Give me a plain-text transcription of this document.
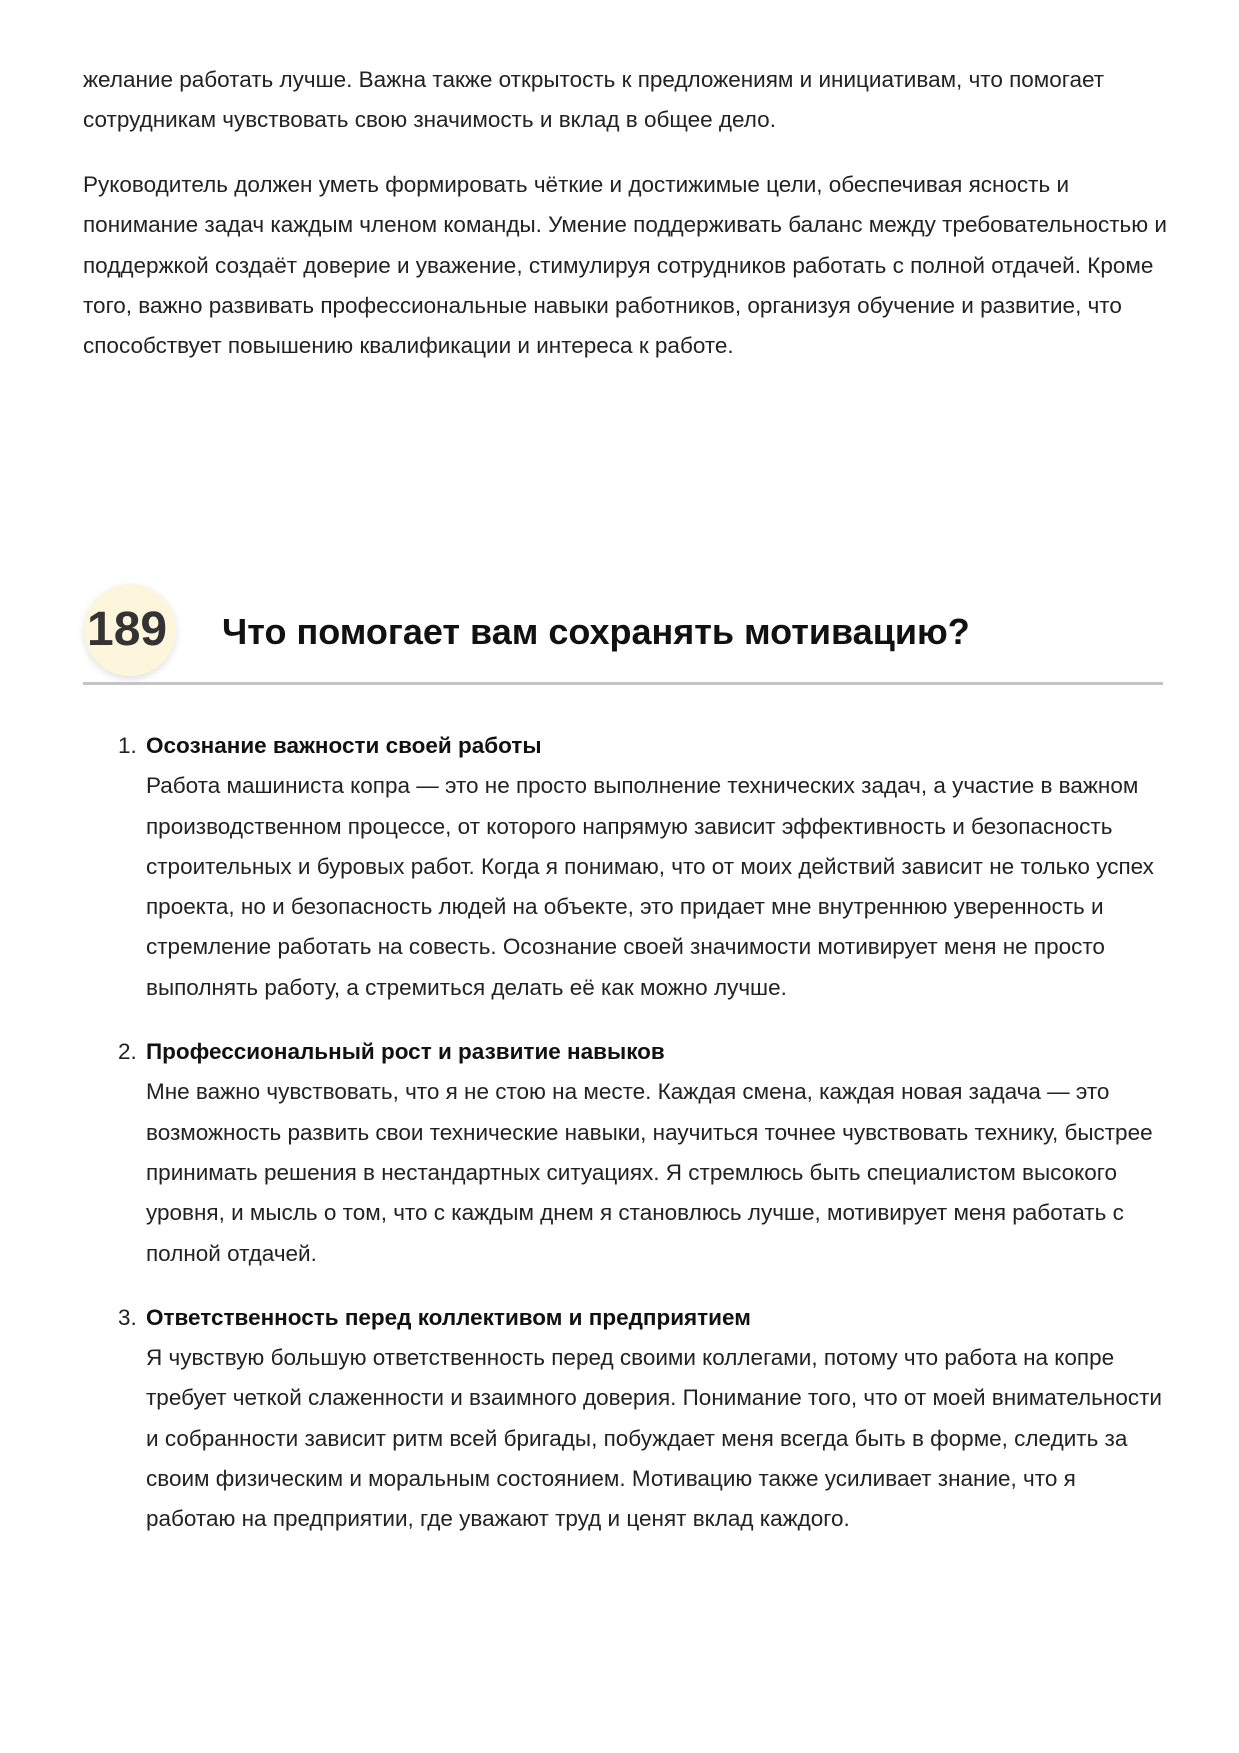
желание работать лучше. Важна также открытость к предложениям и инициативам, что помогает сотрудникам чувствовать свою значимость и вклад в общее дело.

Руководитель должен уметь формировать чёткие и достижимые цели, обеспечивая ясность и понимание задач каждым членом команды. Умение поддерживать баланс между требовательностью и поддержкой создаёт доверие и уважение, стимулируя сотрудников работать с полной отдачей. Кроме того, важно развивать профессиональные навыки работников, организуя обучение и развитие, что способствует повышению квалификации и интереса к работе.

189 Что помогает вам сохранять мотивацию?
1. Осознание важности своей работы
Работа машиниста копра — это не просто выполнение технических задач, а участие в важном производственном процессе, от которого напрямую зависит эффективность и безопасность строительных и буровых работ. Когда я понимаю, что от моих действий зависит не только успех проекта, но и безопасность людей на объекте, это придает мне внутреннюю уверенность и стремление работать на совесть. Осознание своей значимости мотивирует меня не просто выполнять работу, а стремиться делать её как можно лучше.
2. Профессиональный рост и развитие навыков
Мне важно чувствовать, что я не стою на месте. Каждая смена, каждая новая задача — это возможность развить свои технические навыки, научиться точнее чувствовать технику, быстрее принимать решения в нестандартных ситуациях. Я стремлюсь быть специалистом высокого уровня, и мысль о том, что с каждым днем я становлюсь лучше, мотивирует меня работать с полной отдачей.
3. Ответственность перед коллективом и предприятием
Я чувствую большую ответственность перед своими коллегами, потому что работа на копре требует четкой слаженности и взаимного доверия. Понимание того, что от моей внимательности и собранности зависит ритм всей бригады, побуждает меня всегда быть в форме, следить за своим физическим и моральным состоянием. Мотивацию также усиливает знание, что я работаю на предприятии, где уважают труд и ценят вклад каждого.
